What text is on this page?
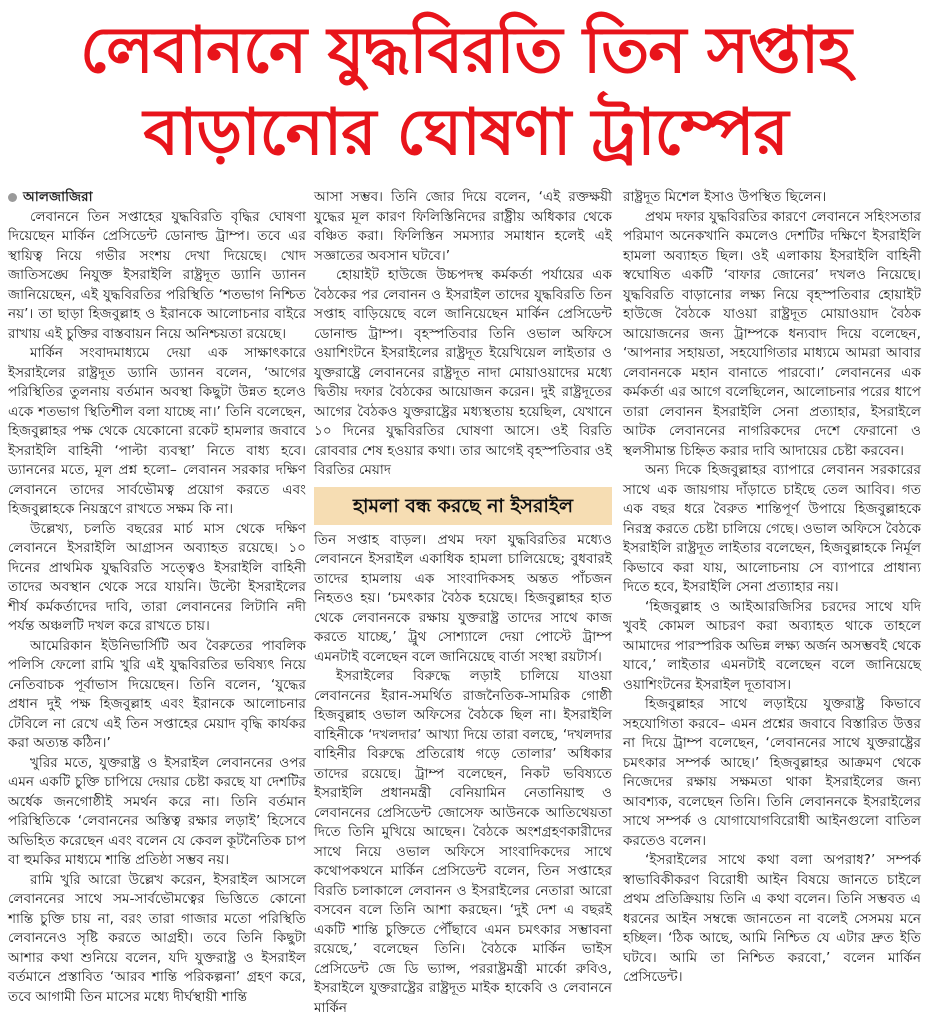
লেবাননে যুদ্ধবিরতি তিন সপ্তাহ
বাড়ানোর ঘোষণা ট্রাম্পের
আলজাজিরা

লেবাননে তিন সপ্তাহের যুদ্ধবিরতি বৃদ্ধির ঘোষণা দিয়েছেন মার্কিন প্রেসিডেন্ট ডোনাল্ড ট্রাম্প। তবে এর স্থায়িত্ব নিয়ে গভীর সংশয় দেখা দিয়েছে। খোদ জাতিসঙ্ঘে নিযুক্ত ইসরাইলি রাষ্ট্রদূত ড্যানি ড্যানন জানিয়েছেন, এই যুদ্ধবিরতির পরিস্থিতি ‘শতভাগ নিশ্চিত নয়’। তা ছাড়া হিজবুল্লাহ ও ইরানকে আলোচনার বাইরে রাখায় এই চুক্তির বাস্তবায়ন নিয়ে অনিশ্চয়তা রয়েছে।

মার্কিন সংবাদমাধ্যমে দেয়া এক সাক্ষাৎকারে ইসরাইলের রাষ্ট্রদূত ড্যানি ড্যানন বলেন, ‘আগের পরিস্থিতির তুলনায় বর্তমান অবস্থা কিছুটা উন্নত হলেও একে শতভাগ স্থিতিশীল বলা যাচ্ছে না।’ তিনি বলেছেন, হিজবুল্লাহর পক্ষ থেকে যেকোনো রকেট হামলার জবাবে ইসরাইলি বাহিনী ‘পাল্টা ব্যবস্থা’ নিতে বাধ্য হবে। ড্যাননের মতে, মূল প্রশ্ন হলো– লেবানন সরকার দক্ষিণ লেবাননে তাদের সার্বভৌমত্ব প্রয়োগ করতে এবং হিজবুল্লাহকে নিয়ন্ত্রণে রাখতে সক্ষম কি না।

উল্লেখ্য, চলতি বছরের মার্চ মাস থেকে দক্ষিণ লেবাননে ইসরাইলি আগ্রাসন অব্যাহত রয়েছে। ১০ দিনের প্রাথমিক যুদ্ধবিরতি সত্ত্বেও ইসরাইলি বাহিনী তাদের অবস্থান থেকে সরে যায়নি। উল্টো ইসরাইলের শীর্ষ কর্মকর্তাদের দাবি, তারা লেবাননের লিটানি নদী পর্যন্ত অঞ্চলটি দখল করে রাখতে চায়।

আমেরিকান ইউনিভার্সিটি অব বৈরুতের পাবলিক পলিসি ফেলো রামি খুরি এই যুদ্ধবিরতির ভবিষ্যৎ নিয়ে নেতিবাচক পূর্বাভাস দিয়েছেন। তিনি বলেন, ‘যুদ্ধের প্রধান দুই পক্ষ হিজবুল্লাহ এবং ইরানকে আলোচনার টেবিলে না রেখে এই তিন সপ্তাহের মেয়াদ বৃদ্ধি কার্যকর করা অত্যন্ত কঠিন।’

খুরির মতে, যুক্তরাষ্ট্র ও ইসরাইল লেবাননের ওপর এমন একটি চুক্তি চাপিয়ে দেয়ার চেষ্টা করছে যা দেশটির অর্ধেক জনগোষ্ঠীই সমর্থন করে না। তিনি বর্তমান পরিস্থিতিকে ‘লেবাননের অস্তিত্ব রক্ষার লড়াই’ হিসেবে অভিহিত করেছেন এবং বলেন যে কেবল কূটনৈতিক চাপ বা হুমকির মাধ্যমে শান্তি প্রতিষ্ঠা সম্ভব নয়।

রামি খুরি আরো উল্লেখ করেন, ইসরাইল আসলে লেবাননের সাথে সম-সার্বভৌমত্বের ভিত্তিতে কোনো শান্তি চুক্তি চায় না, বরং তারা গাজার মতো পরিস্থিতি লেবাননেও সৃষ্টি করতে আগ্রহী। তবে তিনি কিছুটা আশার কথা শুনিয়ে বলেন, যদি যুক্তরাষ্ট্র ও ইসরাইল বর্তমানে প্রস্তাবিত ‘আরব শান্তি পরিকল্পনা’ গ্রহণ করে, তবে আগামী তিন মাসের মধ্যে দীর্ঘস্থায়ী শান্তি

আসা সম্ভব। তিনি জোর দিয়ে বলেন, ‘এই রক্তক্ষয়ী যুদ্ধের মূল কারণ ফিলিস্তিনিদের রাষ্ট্রীয় অধিকার থেকে বঞ্চিত করা। ফিলিস্তিন সমস্যার সমাধান হলেই এই সজ্ঞাতের অবসান ঘটবে।’

হোয়াইট হাউজে উচ্চপদস্থ কর্মকর্তা পর্যায়ের এক বৈঠকের পর লেবানন ও ইসরাইল তাদের যুদ্ধবিরতি তিন সপ্তাহ বাড়িয়েছে বলে জানিয়েছেন মার্কিন প্রেসিডেন্ট ডোনাল্ড ট্রাম্প। বৃহস্পতিবার তিনি ওভাল অফিসে ওয়াশিংটনে ইসরাইলের রাষ্ট্রদূত ইয়েখিয়েল লাইতার ও যুক্তরাষ্ট্রে লেবাননের রাষ্ট্রদূত নাদা মোয়াওয়াদের মধ্যে দ্বিতীয় দফার বৈঠকের আয়োজন করেন। দুই রাষ্ট্রদূতের আগের বৈঠকও যুক্তরাষ্ট্রের মধ্যস্থতায় হয়েছিল, যেখানে ১০ দিনের যুদ্ধবিরতির ঘোষণা আসে। ওই বিরতি রোববার শেষ হওয়ার কথা। তার আগেই বৃহস্পতিবার ওই বিরতির মেয়াদ

হামলা বন্ধ করছে না ইসরাইল

তিন সপ্তাহ বাড়ল। প্রথম দফা যুদ্ধবিরতির মধ্যেও লেবাননে ইসরাইল একাধিক হামলা চালিয়েছে; বুধবারই তাদের হামলায় এক সাংবাদিকসহ অন্তত পাঁচজন নিহতও হয়। ‘চমৎকার বৈঠক হয়েছে। হিজবুল্লাহর হাত থেকে লেবাননকে রক্ষায় যুক্তরাষ্ট্র তাদের সাথে কাজ করতে যাচ্ছে,’ ট্রুথ সোশ্যালে দেয়া পোস্টে ট্রাম্প এমনটাই বলেছেন বলে জানিয়েছে বার্তা সংস্থা রয়টার্স।

ইসরাইলের বিরুদ্ধে লড়াই চালিয়ে যাওয়া লেবাননের ইরান-সমর্থিত রাজনৈতিক-সামরিক গোষ্ঠী হিজবুল্লাহ ওভাল অফিসের বৈঠকে ছিল না। ইসরাইলি বাহিনীকে ‘দখলদার’ আখ্যা দিয়ে তারা বলছে, ‘দখলদার বাহিনীর বিরুদ্ধে প্রতিরোধ গড়ে তোলার’ অধিকার তাদের রয়েছে। ট্রাম্প বলেছেন, নিকট ভবিষ্যতে ইসরাইলি প্রধানমন্ত্রী বেনিয়ামিন নেতানিয়াহু ও লেবাননের প্রেসিডেন্ট জোসেফ আউনকে আতিথেয়তা দিতে তিনি মুখিয়ে আছেন। বৈঠকে অংশগ্রহণকারীদের সাথে নিয়ে ওভাল অফিসে সাংবাদিকদের সাথে কথোপকথনে মার্কিন প্রেসিডেন্ট বলেন, তিন সপ্তাহের বিরতি চলাকালে লেবানন ও ইসরাইলের নেতারা আরো বসবেন বলে তিনি আশা করছেন। ‘দুই দেশ এ বছরই একটি শান্তি চুক্তিতে পৌঁছাবে এমন চমৎকার সম্ভাবনা রয়েছে,’ বলেছেন তিনি। বৈঠকে মার্কিন ভাইস প্রেসিডেন্ট জে ডি ভ্যান্স, পররাষ্ট্রমন্ত্রী মার্কো রুবিও, ইসরাইলে যুক্তরাষ্ট্রের রাষ্ট্রদূত মাইক হাকেবি ও লেবাননে মার্কিন

রাষ্ট্রদূত মিশেল ইসাও উপস্থিত ছিলেন।

প্রথম দফার যুদ্ধবিরতির কারণে লেবাননে সহিংসতার পরিমাণ অনেকখানি কমলেও দেশটির দক্ষিণে ইসরাইলি হামলা অব্যাহত ছিল। ওই এলাকায় ইসরাইলি বাহিনী স্বঘোষিত একটি ‘বাফার জোনের’ দখলও নিয়েছে। যুদ্ধবিরতি বাড়ানোর লক্ষ্য নিয়ে বৃহস্পতিবার হোয়াইট হাউজে বৈঠকে যাওয়া রাষ্ট্রদূত মোয়াওয়াদ বৈঠক আয়োজনের জন্য ট্রাম্পকে ধন্যবাদ দিয়ে বলেছেন, ‘আপনার সহায়তা, সহযোগিতার মাধ্যমে আমরা আবার লেবাননকে মহান বানাতে পারবো।’ লেবাননের এক কর্মকর্তা এর আগে বলেছিলেন, আলোচনার পরের ধাপে তারা লেবানন ইসরাইলি সেনা প্রত্যাহার, ইসরাইলে আটক লেবাননের নাগরিকদের দেশে ফেরানো ও স্থলসীমান্ত চিহ্নিত করার দাবি আদায়ের চেষ্টা করবেন।

অন্য দিকে হিজবুল্লাহর ব্যাপারে লেবানন সরকারের সাথে এক জায়গায় দাঁড়াতে চাইছে তেল আবিব। গত এক বছর ধরে বৈরুত শান্তিপূর্ণ উপায়ে হিজবুল্লাহকে নিরস্ত্র করতে চেষ্টা চালিয়ে গেছে। ওভাল অফিসে বৈঠকে ইসরাইলি রাষ্ট্রদূত লাইতার বলেছেন, হিজবুল্লাহকে নির্মূল কিভাবে করা যায়, আলোচনায় সে ব্যাপারে প্রাধান্য দিতে হবে, ইসরাইলি সেনা প্রত্যাহার নয়।

‘হিজবুল্লাহ ও আইআরজিসির চরদের সাথে যদি খুবই কোমল আচরণ করা অব্যাহত থাকে তাহলে আমাদের পারস্পরিক অভিন্ন লক্ষ্য অর্জন অসম্ভবই থেকে যাবে,’ লাইতার এমনটাই বলেছেন বলে জানিয়েছে ওয়াশিংটনের ইসরাইল দূতাবাস।

হিজবুল্লাহর সাথে লড়াইয়ে যুক্তরাষ্ট্র কিভাবে সহযোগিতা করবে– এমন প্রশ্নের জবাবে বিস্তারিত উত্তর না দিয়ে ট্রাম্প বলেছেন, ‘লেবাননের সাথে যুক্তরাষ্ট্রের চমৎকার সম্পর্ক আছে।’ হিজবুল্লাহর আক্রমণ থেকে নিজেদের রক্ষায় সক্ষমতা থাকা ইসরাইলের জন্য আবশ্যক, বলেছেন তিনি। তিনি লেবাননকে ইসরাইলের সাথে সম্পর্ক ও যোগাযোগবিরোধী আইনগুলো বাতিল করতেও বলেন।

‘ইসরাইলের সাথে কথা বলা অপরাধ?’ সম্পর্ক স্বাভাবিকীকরণ বিরোধী আইন বিষয়ে জানতে চাইলে প্রথম প্রতিক্রিয়ায় তিনি এ কথা বলেন। তিনি সম্ভবত এ ধরনের আইন সম্বন্ধে জানতেন না বলেই সেসময় মনে হচ্ছিল। ‘ঠিক আছে, আমি নিশ্চিত যে এটার দ্রুত ইতি ঘটবে। আমি তা নিশ্চিত করবো,’ বলেন মার্কিন প্রেসিডেন্ট।
